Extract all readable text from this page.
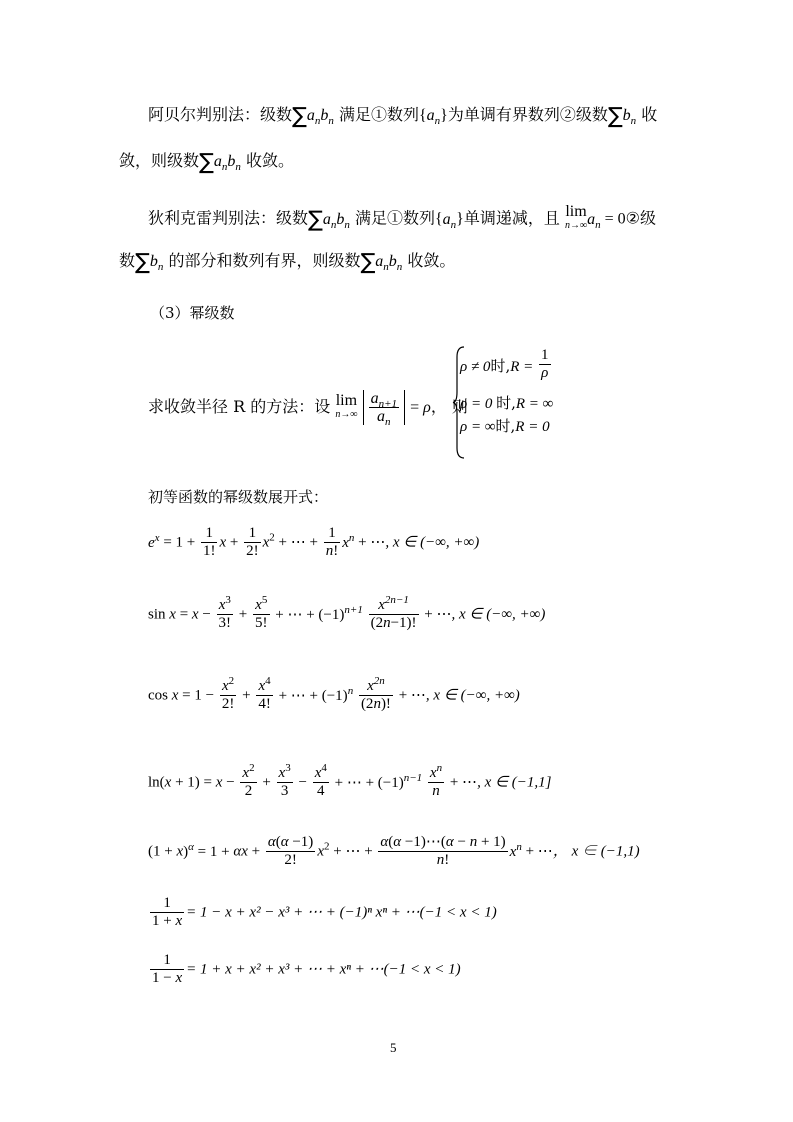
阿贝尔判别法：级数$\sum a_nb_n$ 满足①数列$\{a_n\}$为单调有界数列②级数$\sum b_n$ 收
敛，则级数$\sum a_nb_n$ 收敛。
狄利克雷判别法：级数$\sum a_nb_n$ 满足①数列$\{a_n\}$单调递减，且 lim
n→∞ $a_n$ = 0②级
数$\sum b_n$ 的部分和数列有界，则级数$\sum a_nb_n$ 收敛。
（3）幂级数
求收敛半径 R 的方法：设 lim
n→∞
$\frac{a_{n+1}}{a_n} = \rho$， 则
ρ ≠ 0时$,R = \frac{1}{\rho}$
ρ = 0 时,R = ∞
ρ = ∞时,R = 0
初等函数的幂级数展开式：
$e^x = 1 + \frac{1}{1!}$ $x + \frac{1}{2!} x^2$ + ⋯ + $\frac{1}{n!} x^n$ + ⋯, x ∈ (−∞, +∞)
$\sin x = x - \frac{x^3}{3!} + \frac{x^5}{5!}$ + ⋯ + $(-1)^{n+1} \frac{x^{2n-1}}{(2n-1)!}$ + ⋯, x ∈ (−∞, +∞)
$\cos x = 1 - \frac{x^2}{2!} + \frac{x^4}{4!}$ + ⋯ + $(-1)^n \frac{x^{2n}}{(2n)!}$ + ⋯, x ∈ (−∞, +∞)
$\ln(x + 1) = x - \frac{x^2}{2} + \frac{x^3}{3} - \frac{x^4}{4}$ + ⋯ + $(-1)^{n-1} \frac{x^n}{n}$ + ⋯, x ∈ (−1,1]
$(1 + x)^\alpha = 1 + \alpha x + \frac{\alpha(\alpha -1)}{2!} x^2$ + ⋯ + $\frac{\alpha(\alpha -1)\cdots(\alpha - n + 1)}{n!} x^n$ + ⋯， x ∈ (−1,1)
$\frac{1}{1 + x} = 1 - x + x^2 - x^3$ + ⋯ + (−1)ⁿ xⁿ + ⋯(−1 < x < 1)
$\frac{1}{1 - x} = 1 + x + x^2 + x^3$ + ⋯ + xⁿ + ⋯(−1 < x < 1)
5
